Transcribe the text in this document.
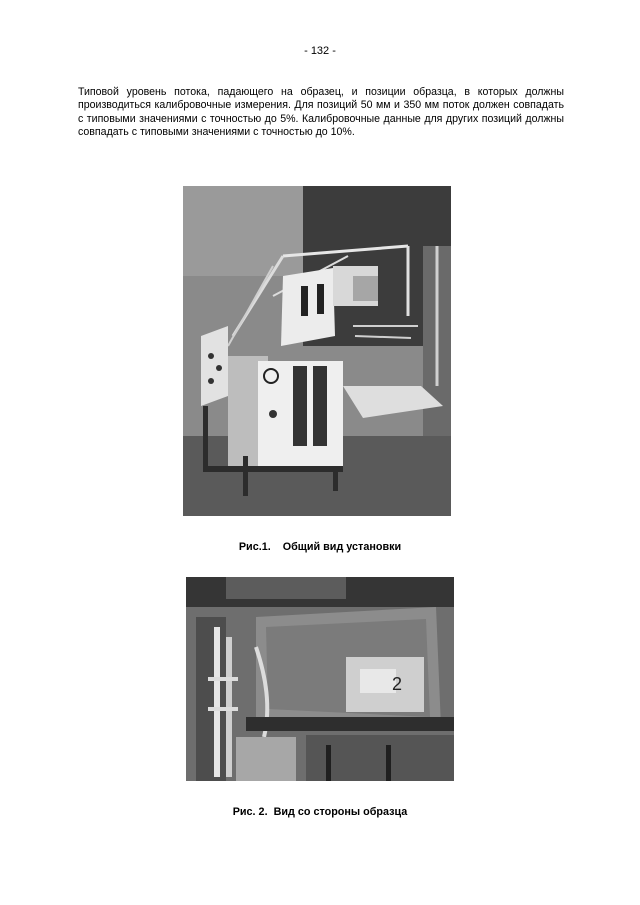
- 132 -
Типовой уровень потока, падающего на образец, и позиции образца, в которых должны производиться калибровочные измерения. Для позиций 50 мм и 350 мм поток должен совпадать с типовыми значениями с точностью до 5%. Калибровочные данные для других позиций должны совпадать с типовыми значениями с точностью до 10%.
Рис.1. Общий вид установки
2
Рис. 2. Вид со стороны образца
